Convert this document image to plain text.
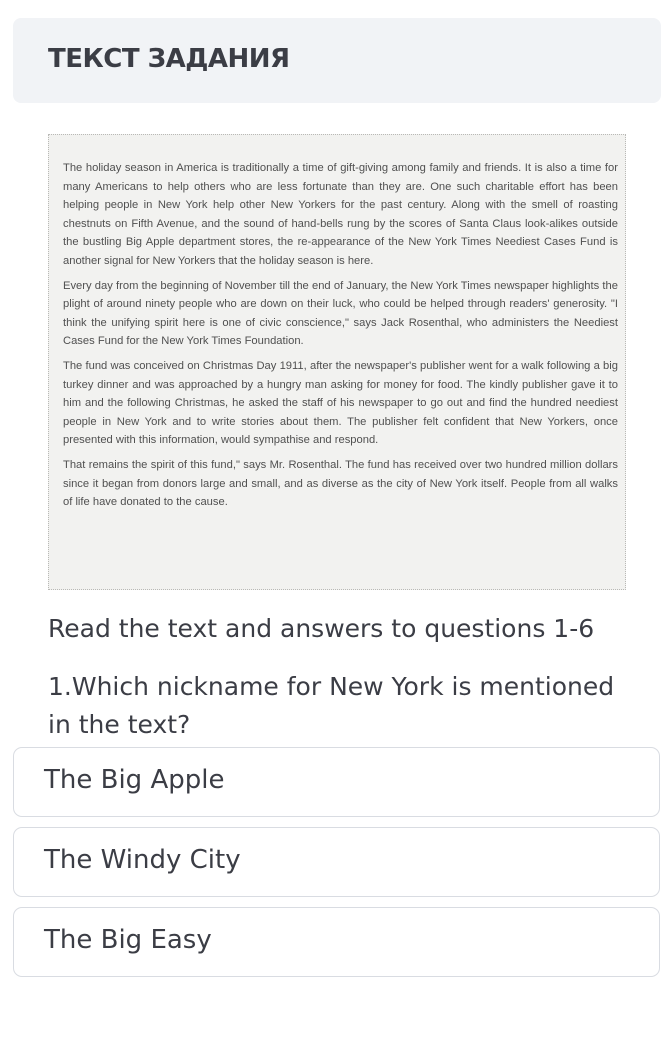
ТЕКСТ ЗАДАНИЯ

The holiday season in America is traditionally a time of gift-giving among family and friends. It is also a time for many Americans to help others who are less fortunate than they are. One such charitable effort has been helping people in New York help other New Yorkers for the past century. Along with the smell of roasting chestnuts on Fifth Avenue, and the sound of hand-bells rung by the scores of Santa Claus look-alikes outside the bustling Big Apple department stores, the re-appearance of the New York Times Neediest Cases Fund is another signal for New Yorkers that the holiday season is here.

Every day from the beginning of November till the end of January, the New York Times newspaper highlights the plight of around ninety people who are down on their luck, who could be helped through readers' generosity. "I think the unifying spirit here is one of civic conscience," says Jack Rosenthal, who administers the Neediest Cases Fund for the New York Times Foundation.

The fund was conceived on Christmas Day 1911, after the newspaper's publisher went for a walk following a big turkey dinner and was approached by a hungry man asking for money for food. The kindly publisher gave it to him and the following Christmas, he asked the staff of his newspaper to go out and find the hundred neediest people in New York and to write stories about them. The publisher felt confident that New Yorkers, once presented with this information, would sympathise and respond.

That remains the spirit of this fund," says Mr. Rosenthal. The fund has received over two hundred million dollars since it began from donors large and small, and as diverse as the city of New York itself. People from all walks of life have donated to the cause.

Read the text and answers to questions 1-6
1.Which nickname for New York is mentioned in the text?
The Big Apple
The Windy City
The Big Easy
